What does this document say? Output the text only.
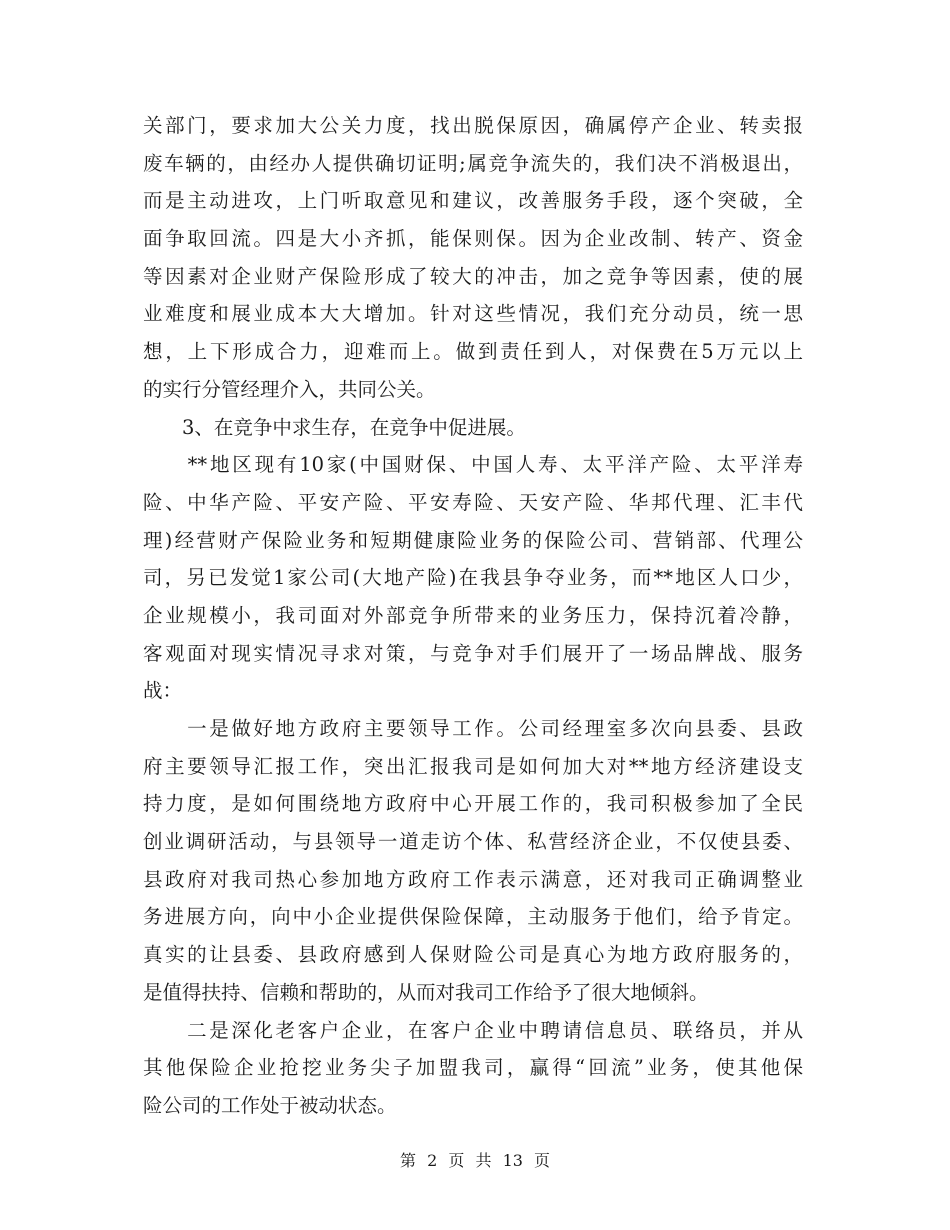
关部门，要求加大公关力度，找出脱保原因，确属停产企业、转卖报
废车辆的，由经办人提供确切证明;属竞争流失的，我们决不消极退出，
而是主动进攻，上门听取意见和建议，改善服务手段，逐个突破，全
面争取回流。四是大小齐抓，能保则保。因为企业改制、转产、资金
等因素对企业财产保险形成了较大的冲击，加之竞争等因素，使的展
业难度和展业成本大大增加。针对这些情况，我们充分动员，统一思
想，上下形成合力，迎难而上。做到责任到人，对保费在5万元以上
的实行分管经理介入，共同公关。
　　3、在竞争中求生存，在竞争中促进展。
　　**地区现有10家(中国财保、中国人寿、太平洋产险、太平洋寿
险、中华产险、平安产险、平安寿险、天安产险、华邦代理、汇丰代
理)经营财产保险业务和短期健康险业务的保险公司、营销部、代理公
司，另已发觉1家公司(大地产险)在我县争夺业务，而**地区人口少，
企业规模小，我司面对外部竞争所带来的业务压力，保持沉着冷静，
客观面对现实情况寻求对策，与竞争对手们展开了一场品牌战、服务
战：
　　一是做好地方政府主要领导工作。公司经理室多次向县委、县政
府主要领导汇报工作，突出汇报我司是如何加大对**地方经济建设支
持力度，是如何围绕地方政府中心开展工作的，我司积极参加了全民
创业调研活动，与县领导一道走访个体、私营经济企业，不仅使县委、
县政府对我司热心参加地方政府工作表示满意，还对我司正确调整业
务进展方向，向中小企业提供保险保障，主动服务于他们，给予肯定。
真实的让县委、县政府感到人保财险公司是真心为地方政府服务的，
是值得扶持、信赖和帮助的，从而对我司工作给予了很大地倾斜。
　　二是深化老客户企业，在客户企业中聘请信息员、联络员，并从
其他保险企业抢挖业务尖子加盟我司，赢得“回流”业务，使其他保
险公司的工作处于被动状态。
第 2 页 共 13 页
